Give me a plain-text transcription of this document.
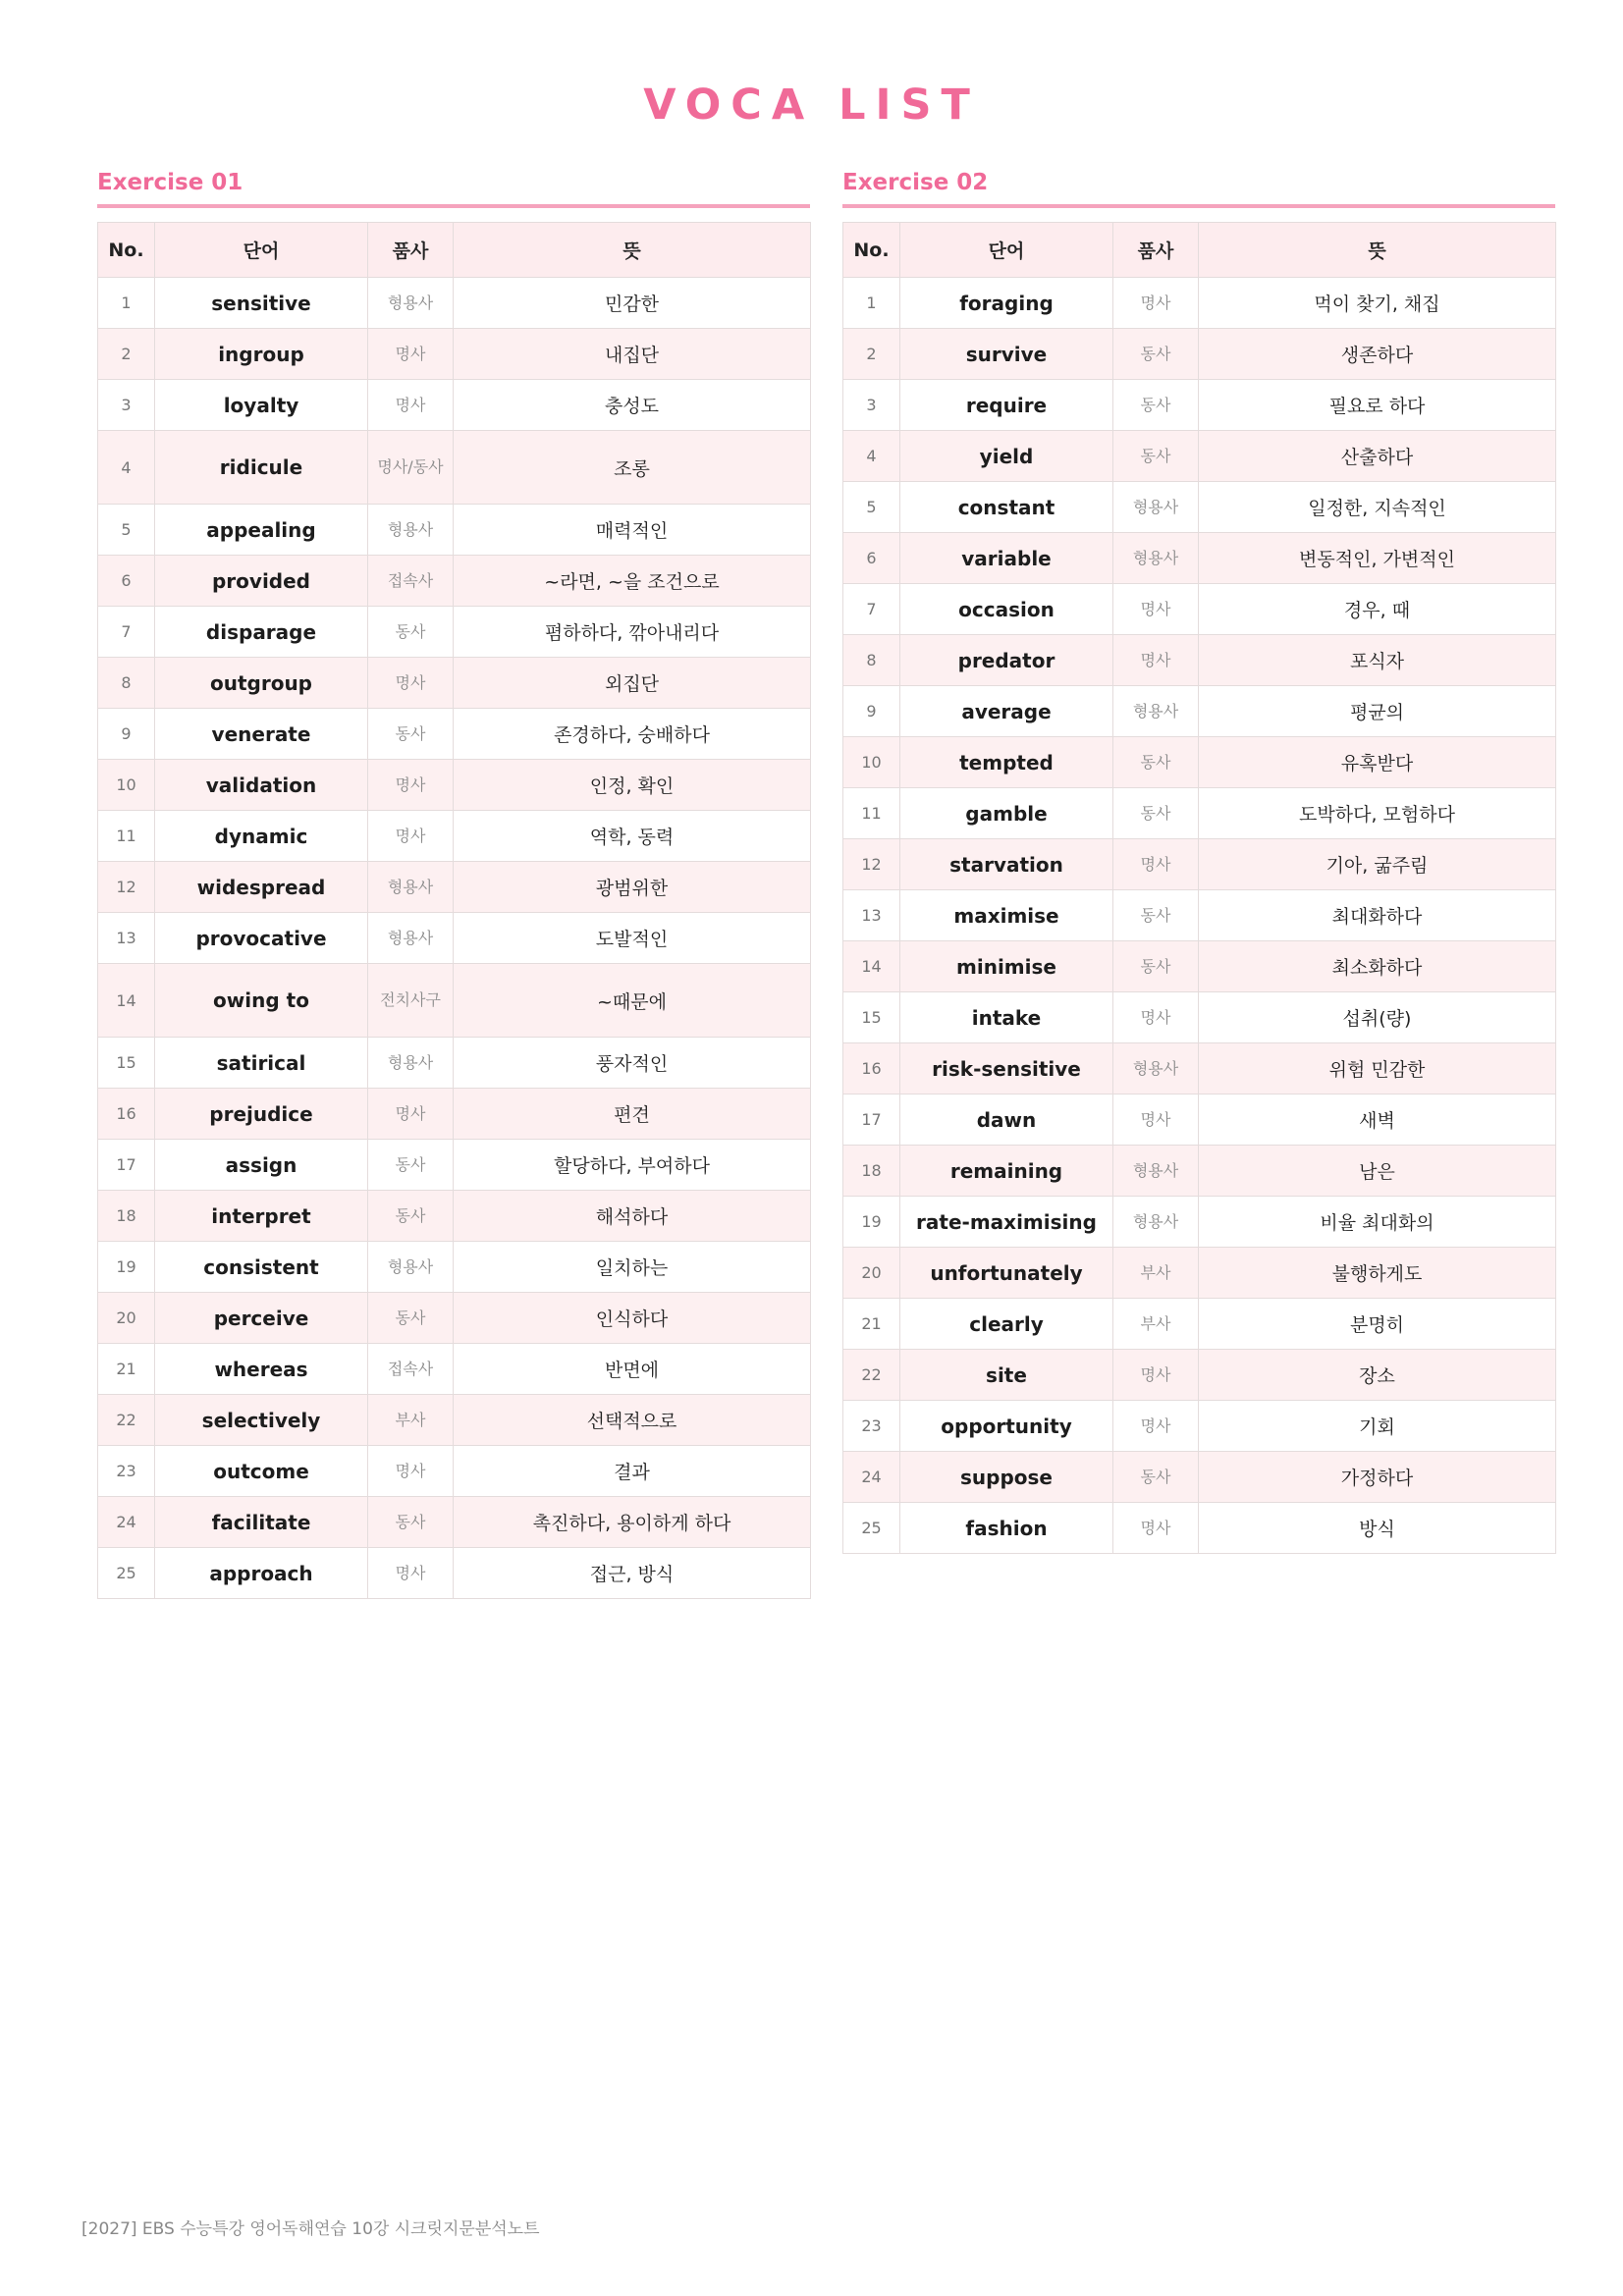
VOCA LIST
Exercise 01
No.	단어	품사	뜻
1	sensitive	형용사	민감한
2	ingroup	명사	내집단
3	loyalty	명사	충성도
4	ridicule	명사/동사	조롱
5	appealing	형용사	매력적인
6	provided	접속사	~라면, ~을 조건으로
7	disparage	동사	폄하하다, 깎아내리다
8	outgroup	명사	외집단
9	venerate	동사	존경하다, 숭배하다
10	validation	명사	인정, 확인
11	dynamic	명사	역학, 동력
12	widespread	형용사	광범위한
13	provocative	형용사	도발적인
14	owing to	전치사구	~때문에
15	satirical	형용사	풍자적인
16	prejudice	명사	편견
17	assign	동사	할당하다, 부여하다
18	interpret	동사	해석하다
19	consistent	형용사	일치하는
20	perceive	동사	인식하다
21	whereas	접속사	반면에
22	selectively	부사	선택적으로
23	outcome	명사	결과
24	facilitate	동사	촉진하다, 용이하게 하다
25	approach	명사	접근, 방식
Exercise 02
No.	단어	품사	뜻
1	foraging	명사	먹이 찾기, 채집
2	survive	동사	생존하다
3	require	동사	필요로 하다
4	yield	동사	산출하다
5	constant	형용사	일정한, 지속적인
6	variable	형용사	변동적인, 가변적인
7	occasion	명사	경우, 때
8	predator	명사	포식자
9	average	형용사	평균의
10	tempted	동사	유혹받다
11	gamble	동사	도박하다, 모험하다
12	starvation	명사	기아, 굶주림
13	maximise	동사	최대화하다
14	minimise	동사	최소화하다
15	intake	명사	섭취(량)
16	risk-sensitive	형용사	위험 민감한
17	dawn	명사	새벽
18	remaining	형용사	남은
19	rate-maximising	형용사	비율 최대화의
20	unfortunately	부사	불행하게도
21	clearly	부사	분명히
22	site	명사	장소
23	opportunity	명사	기회
24	suppose	동사	가정하다
25	fashion	명사	방식
[2027] EBS 수능특강 영어독해연습 10강 시크릿지문분석노트
